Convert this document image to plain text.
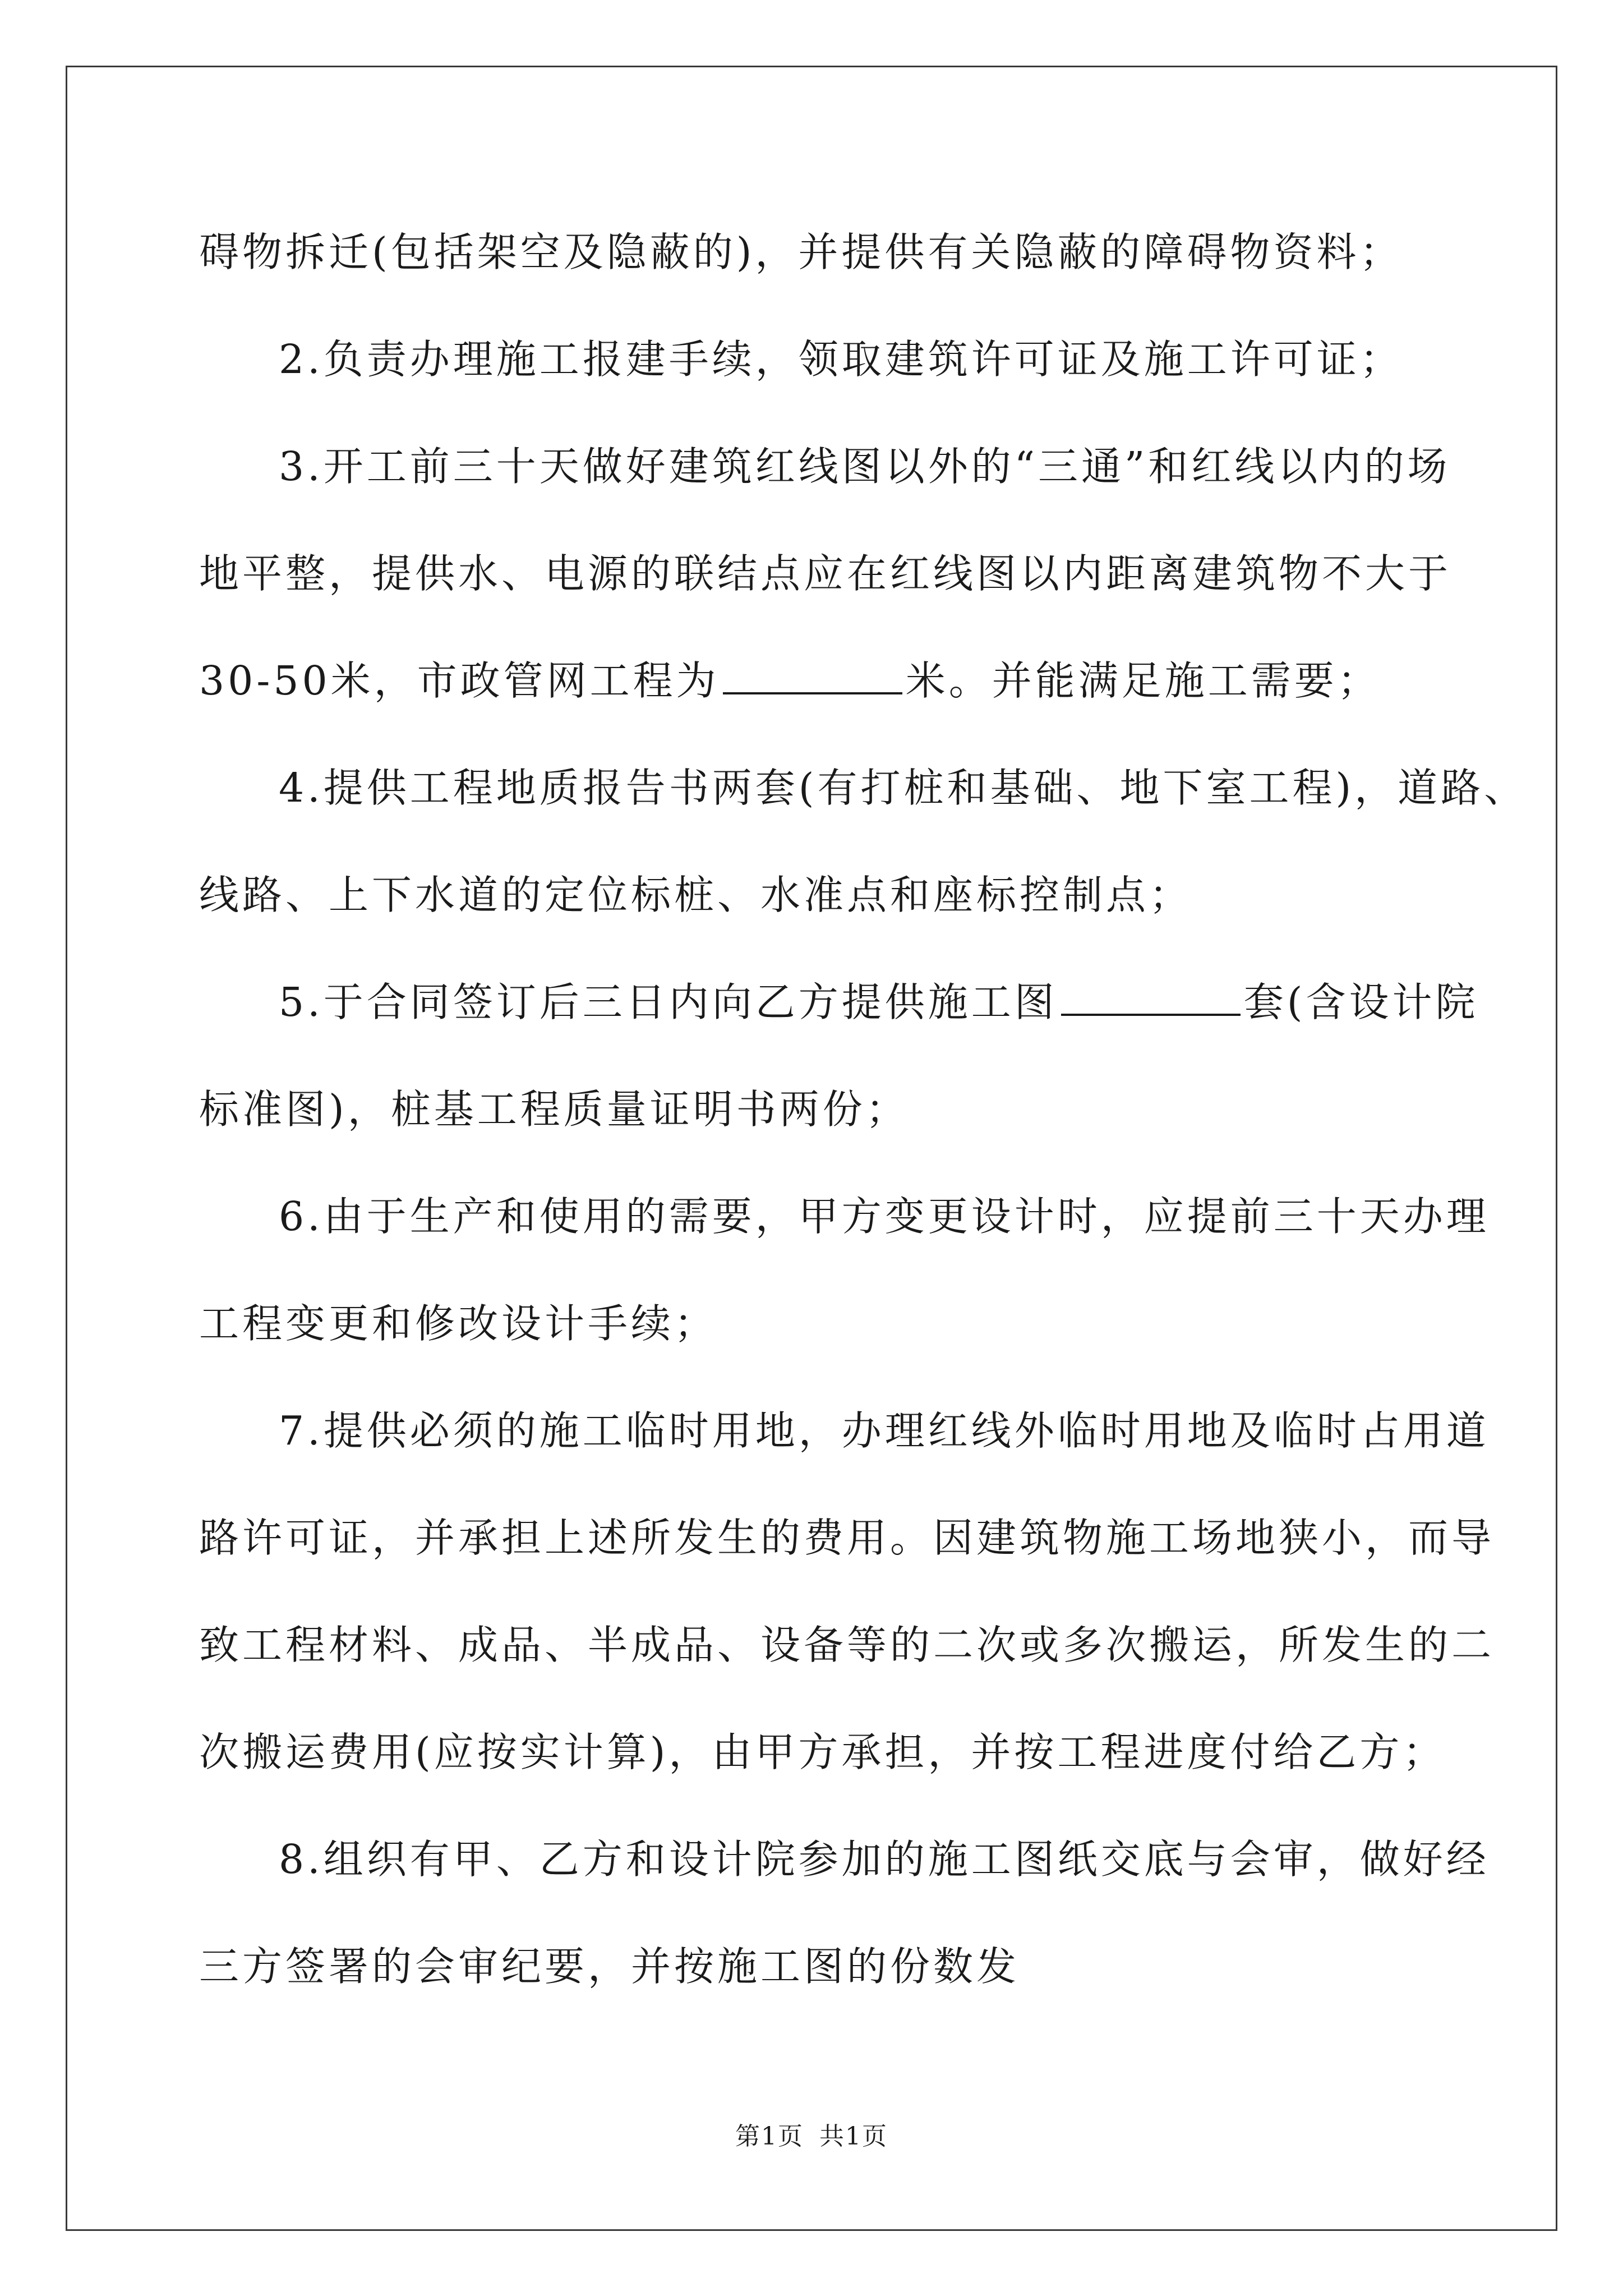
碍物拆迁(包括架空及隐蔽的)，并提供有关隐蔽的障碍物资料；
2.负责办理施工报建手续，领取建筑许可证及施工许可证；
3.开工前三十天做好建筑红线图以外的“三通”和红线以内的场
地平整，提供水、电源的联结点应在红线图以内距离建筑物不大于
30-50米，市政管网工程为	米。并能满足施工需要；
4.提供工程地质报告书两套(有打桩和基础、地下室工程)，道路、
线路、上下水道的定位标桩、水准点和座标控制点；
5.于合同签订后三日内向乙方提供施工图	套(含设计院
标准图)，桩基工程质量证明书两份；
6.由于生产和使用的需要，甲方变更设计时，应提前三十天办理
工程变更和修改设计手续；
7.提供必须的施工临时用地，办理红线外临时用地及临时占用道
路许可证，并承担上述所发生的费用。因建筑物施工场地狭小，而导
致工程材料、成品、半成品、设备等的二次或多次搬运，所发生的二
次搬运费用(应按实计算)，由甲方承担，并按工程进度付给乙方；
8.组织有甲、乙方和设计院参加的施工图纸交底与会审，做好经
三方签署的会审纪要，并按施工图的份数发
第1页 共1页
